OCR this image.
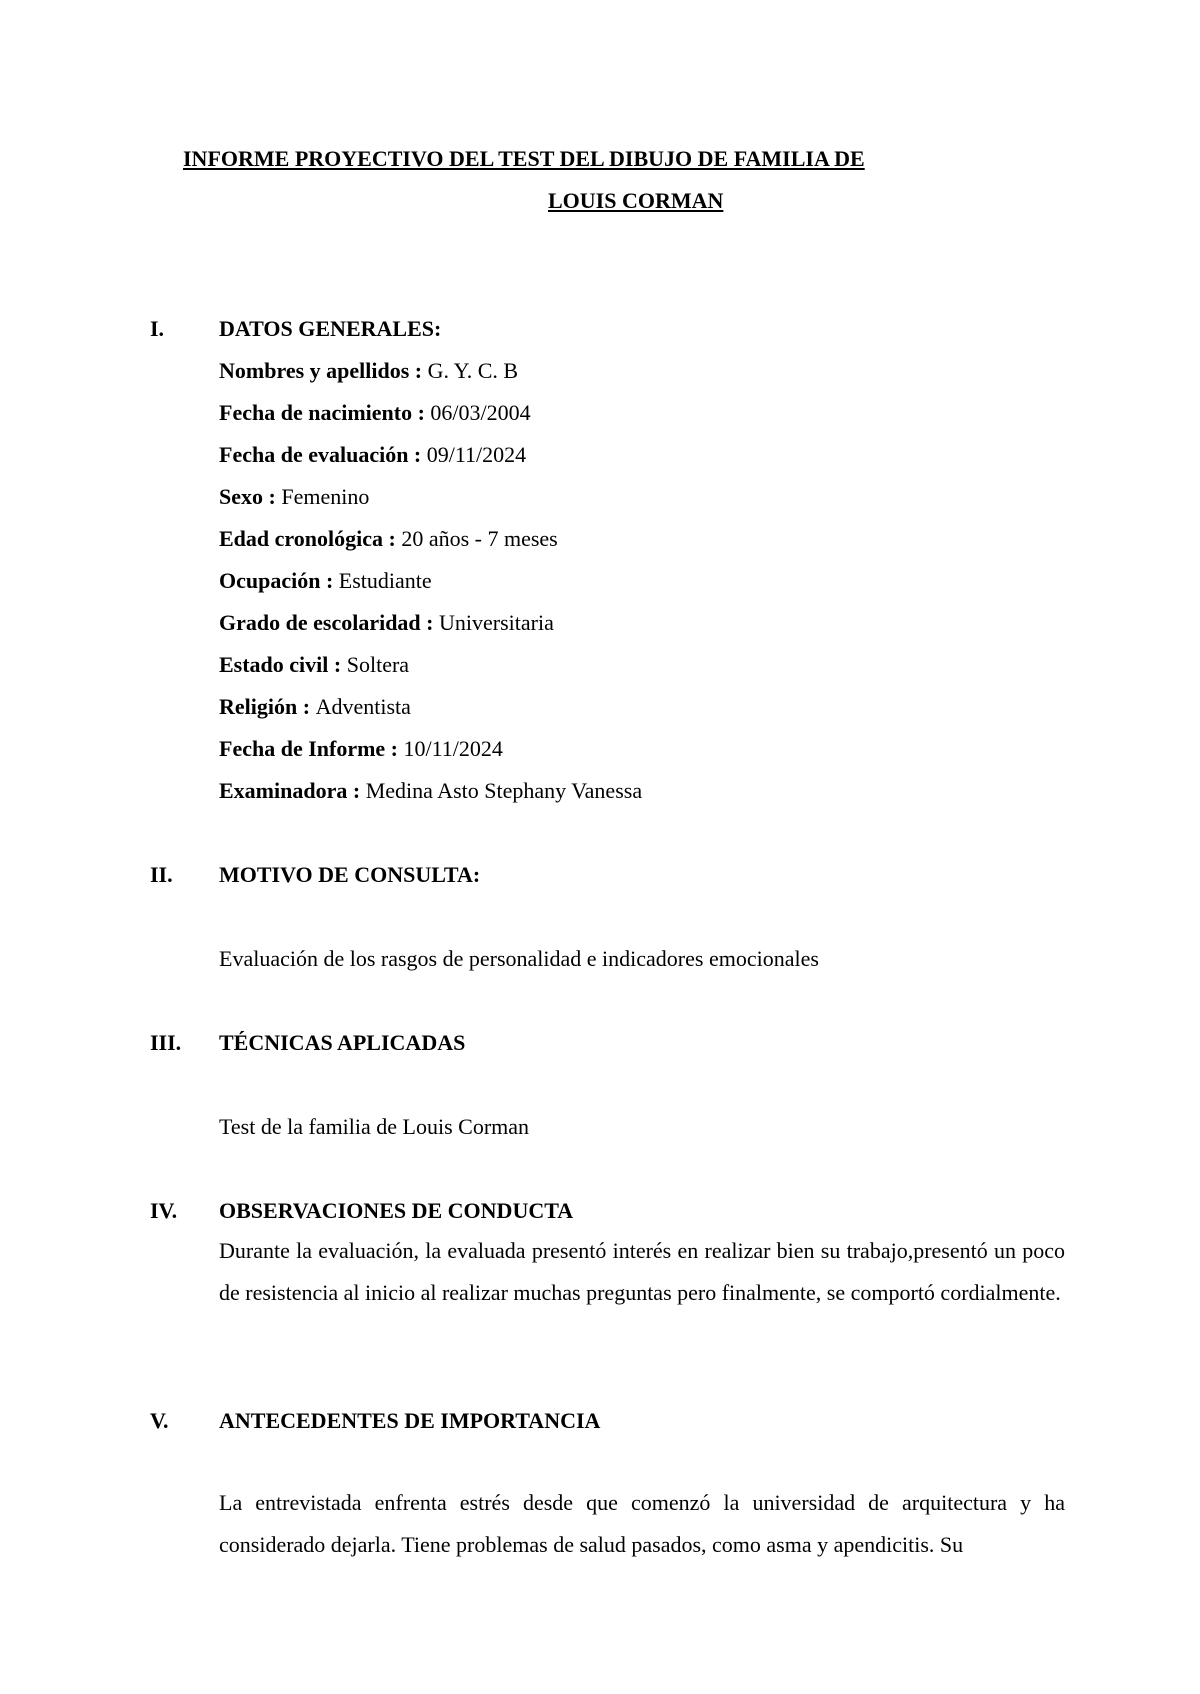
INFORME PROYECTIVO DEL TEST DEL DIBUJO DE FAMILIA DE
LOUIS CORMAN
I.	DATOS GENERALES:
Nombres y apellidos : G. Y. C. B
Fecha de nacimiento : 06/03/2004
Fecha de evaluación : 09/11/2024
Sexo : Femenino
Edad cronológica : 20 años - 7 meses
Ocupación : Estudiante
Grado de escolaridad : Universitaria
Estado civil : Soltera
Religión : Adventista
Fecha de Informe : 10/11/2024
Examinadora : Medina Asto Stephany Vanessa
II.	MOTIVO DE CONSULTA:
Evaluación de los rasgos de personalidad e indicadores emocionales
III.	TÉCNICAS APLICADAS
Test de la familia de Louis Corman
IV.	OBSERVACIONES DE CONDUCTA
Durante la evaluación, la evaluada presentó interés en realizar bien su trabajo,presentó un poco de resistencia al inicio al realizar muchas preguntas pero finalmente, se comportó cordialmente.
V.	ANTECEDENTES DE IMPORTANCIA
La entrevistada enfrenta estrés desde que comenzó la universidad de arquitectura y ha considerado dejarla. Tiene problemas de salud pasados, como asma y apendicitis. Su
